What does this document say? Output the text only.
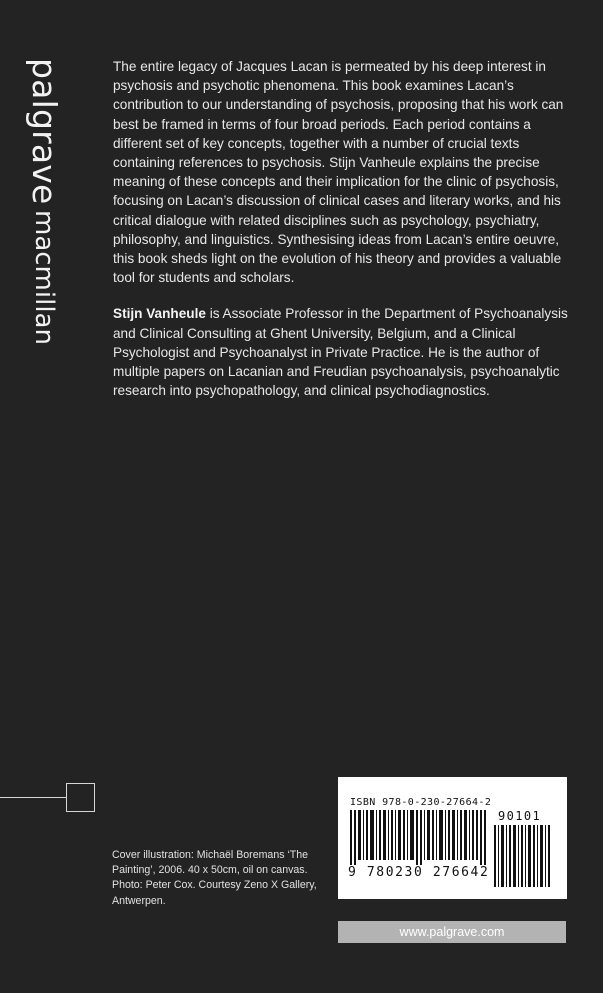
palgrave macmillan

The entire legacy of Jacques Lacan is permeated by his deep interest in psychosis and psychotic phenomena. This book examines Lacan’s contribution to our understanding of psychosis, proposing that his work can best be framed in terms of four broad periods. Each period contains a different set of key concepts, together with a number of crucial texts containing references to psychosis. Stijn Vanheule explains the precise meaning of these concepts and their implication for the clinic of psychosis, focusing on Lacan’s discussion of clinical cases and literary works, and his critical dialogue with related disciplines such as psychology, psychiatry, philosophy, and linguistics. Synthesising ideas from Lacan’s entire oeuvre, this book sheds light on the evolution of his theory and provides a valuable tool for students and scholars.

Stijn Vanheule is Associate Professor in the Department of Psychoanalysis and Clinical Consulting at Ghent University, Belgium, and a Clinical Psychologist and Psychoanalyst in Private Practice. He is the author of multiple papers on Lacanian and Freudian psychoanalysis, psychoanalytic research into psychopathology, and clinical psychodiagnostics.

Cover illustration: Michaël Boremans ‘The Painting’, 2006. 40 x 50cm, oil on canvas. Photo: Peter Cox. Courtesy Zeno X Gallery, Antwerpen.
ISBN 978-0-230-27664-2
90101
9 780230 276642
www.palgrave.com
